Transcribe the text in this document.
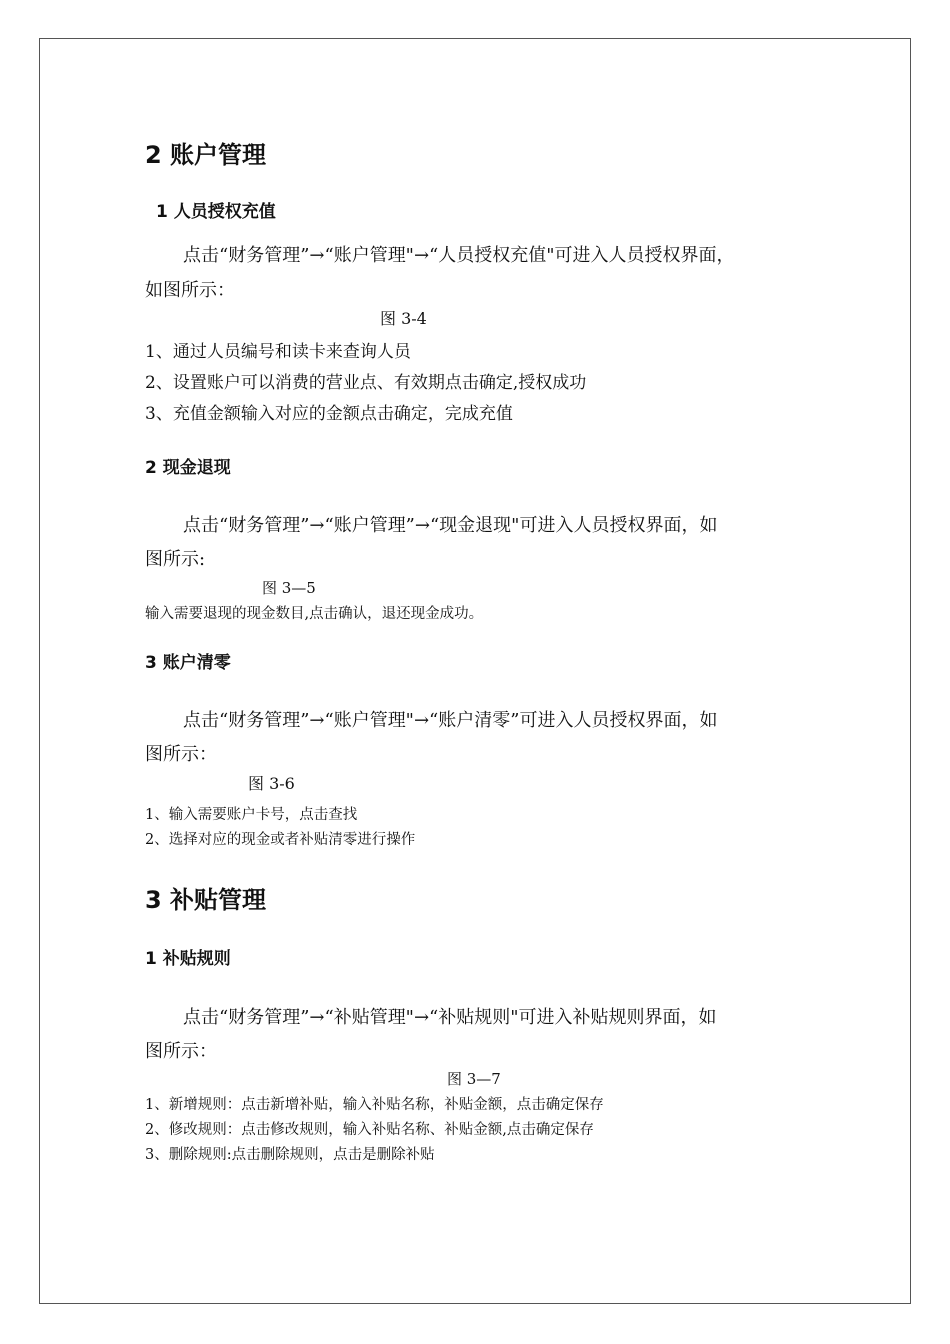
2 账户管理
1 人员授权充值
点击“财务管理”→“账户管理"→“人员授权充值"可进入人员授权界面，
如图所示：
图 3-4
1、通过人员编号和读卡来查询人员
2、设置账户可以消费的营业点、有效期点击确定,授权成功
3、充值金额输入对应的金额点击确定，完成充值
2 现金退现
点击“财务管理”→“账户管理”→“现金退现"可进入人员授权界面，如
图所示:
图 3—5
输入需要退现的现金数目,点击确认，退还现金成功。
3 账户清零
点击“财务管理”→“账户管理"→“账户清零”可进入人员授权界面，如
图所示：
图 3-6
1、输入需要账户卡号，点击查找
2、选择对应的现金或者补贴清零进行操作
3 补贴管理
1 补贴规则
点击“财务管理”→“补贴管理"→“补贴规则"可进入补贴规则界面，如
图所示：
图 3—7
1、新增规则：点击新增补贴，输入补贴名称，补贴金额，点击确定保存
2、修改规则：点击修改规则，输入补贴名称、补贴金额,点击确定保存
3、删除规则:点击删除规则，点击是删除补贴
